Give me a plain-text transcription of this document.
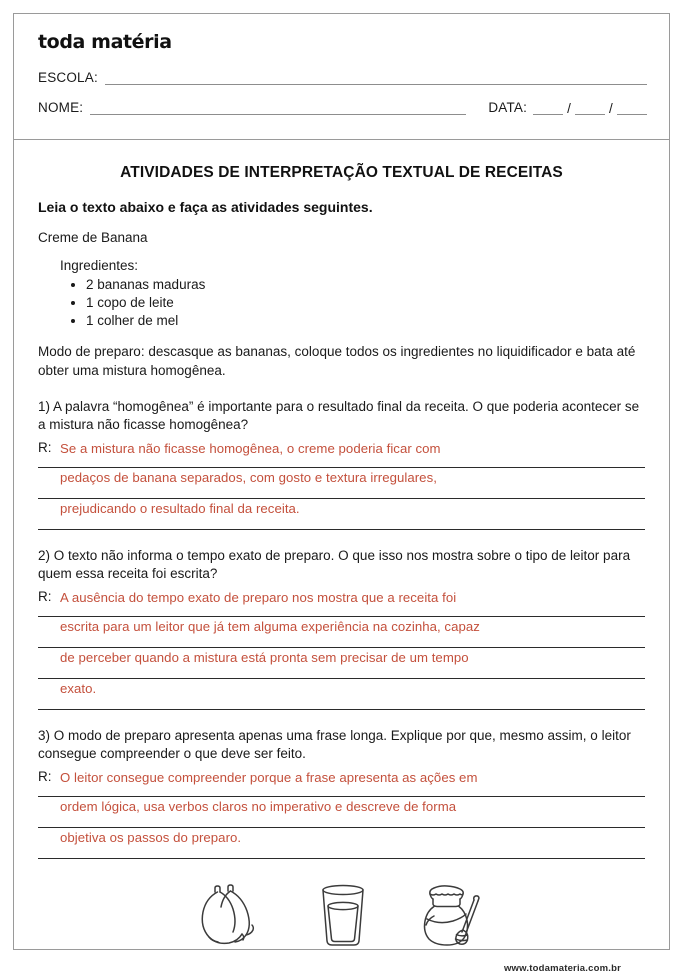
toda matéria
ESCOLA:
NOME:	DATA:	/	/
ATIVIDADES DE INTERPRETAÇÃO TEXTUAL DE RECEITAS

Leia o texto abaixo e faça as atividades seguintes.

Creme de Banana

Ingredientes:

• 2 bananas maduras
• 1 copo de leite
• 1 colher de mel

Modo de preparo: descasque as bananas, coloque todos os ingredientes no liquidificador e bata até obter uma mistura homogênea.

1) A palavra “homogênea” é importante para o resultado final da receita. O que poderia acontecer se a mistura não ficasse homogênea?

R: Se a mistura não ficasse homogênea, o creme poderia ficar com
pedaços de banana separados, com gosto e textura irregulares,
prejudicando o resultado final da receita.

2) O texto não informa o tempo exato de preparo. O que isso nos mostra sobre o tipo de leitor para quem essa receita foi escrita?

R: A ausência do tempo exato de preparo nos mostra que a receita foi
escrita para um leitor que já tem alguma experiência na cozinha, capaz
de perceber quando a mistura está pronta sem precisar de um tempo
exato.

3) O modo de preparo apresenta apenas uma frase longa. Explique por que, mesmo assim, o leitor consegue compreender o que deve ser feito.

R: O leitor consegue compreender porque a frase apresenta as ações em
ordem lógica, usa verbos claros no imperativo e descreve de forma
objetiva os passos do preparo.
www.todamateria.com.br
